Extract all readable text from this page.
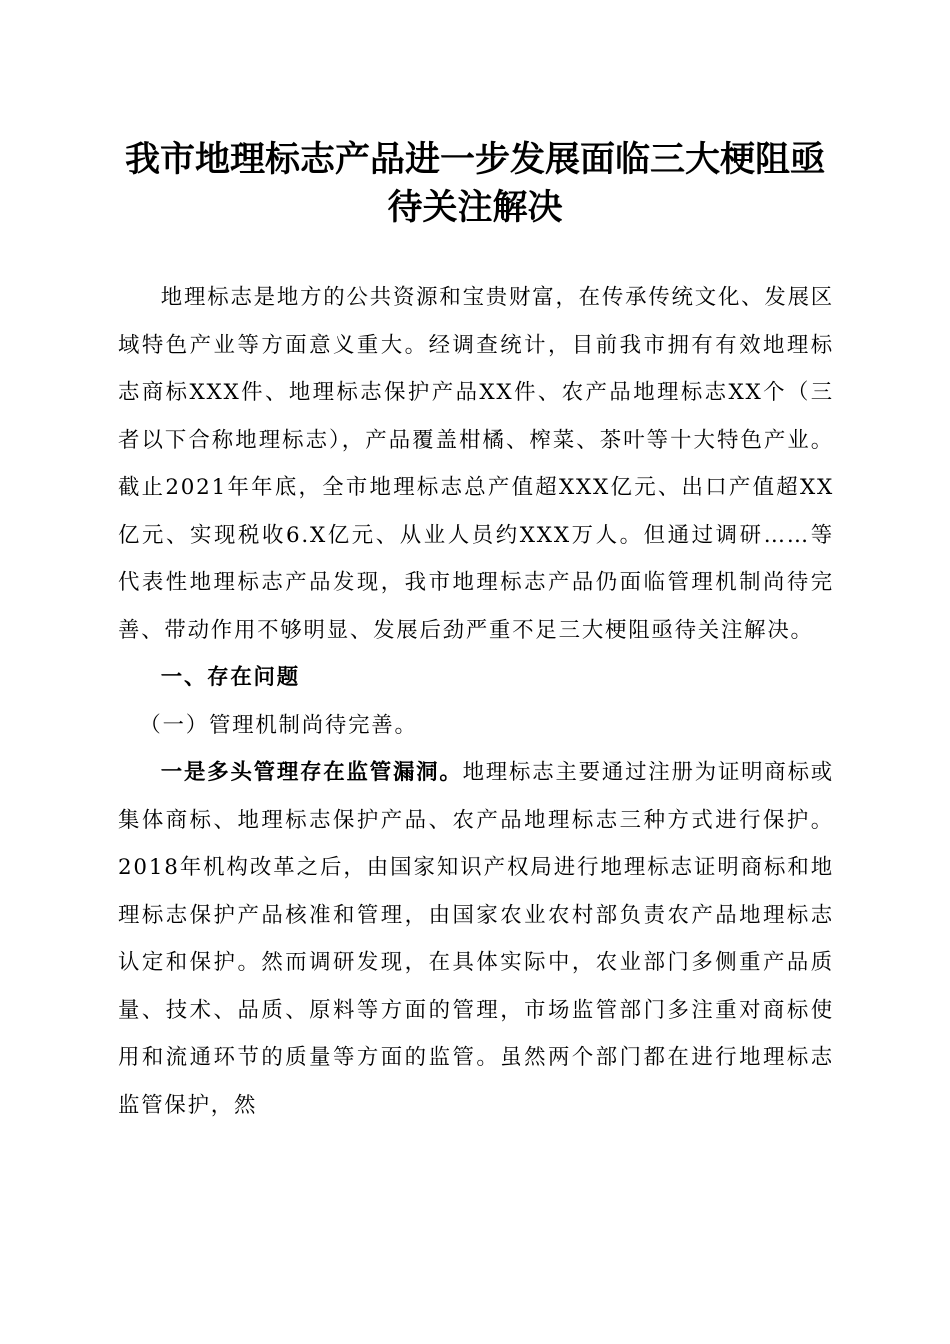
我市地理标志产品进一步发展面临三大梗阻亟
待关注解决

地理标志是地方的公共资源和宝贵财富，在传承传统文化、发展区域特色产业等方面意义重大。经调查统计，目前我市拥有有效地理标志商标XXX件、地理标志保护产品XX件、农产品地理标志XX个（三者以下合称地理标志），产品覆盖柑橘、榨菜、茶叶等十大特色产业。截止2021年年底，全市地理标志总产值超XXX亿元、出口产值超XX亿元、实现税收6.X亿元、从业人员约XXX万人。但通过调研……等代表性地理标志产品发现，我市地理标志产品仍面临管理机制尚待完善、带动作用不够明显、发展后劲严重不足三大梗阻亟待关注解决。

一、存在问题

（一）管理机制尚待完善。

一是多头管理存在监管漏洞。地理标志主要通过注册为证明商标或集体商标、地理标志保护产品、农产品地理标志三种方式进行保护。2018年机构改革之后，由国家知识产权局进行地理标志证明商标和地理标志保护产品核准和管理，由国家农业农村部负责农产品地理标志认定和保护。然而调研发现，在具体实际中，农业部门多侧重产品质量、技术、品质、原料等方面的管理，市场监管部门多注重对商标使用和流通环节的质量等方面的监管。虽然两个部门都在进行地理标志监管保护，然
